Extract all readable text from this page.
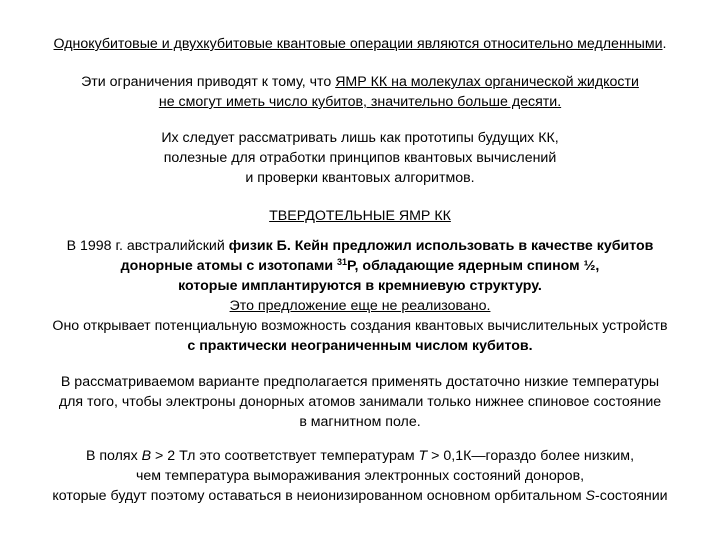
Однокубитовые и двухкубитовые квантовые операции являются относительно медленными.
Эти ограничения приводят к тому, что ЯМР КК на молекулах органической жидкости
не смогут иметь число кубитов, значительно больше десяти.
Их следует рассматривать лишь как прототипы будущих КК,
полезные для отработки принципов квантовых вычислений
и проверки квантовых алгоритмов.
ТВЕРДОТЕЛЬНЫЕ ЯМР КК
В 1998 г. австралийский физик Б. Кейн предложил использовать в качестве кубитов
донорные атомы с изотопами $^{31}$Р, обладающие ядерным спином ½,
которые имплантируются в кремниевую структуру.
Это предложение еще не реализовано.
Оно открывает потенциальную возможность создания квантовых вычислительных устройств
с практически неограниченным числом кубитов.
В рассматриваемом варианте предполагается применять достаточно низкие температуры
для того, чтобы электроны донорных атомов занимали только нижнее спиновое состояние
в магнитном поле.
В полях В > 2 Тл это соответствует температурам Т > 0,1К—гораздо более низким,
чем температура вымораживания электронных состояний доноров,
которые будут поэтому оставаться в неионизированном основном орбитальном S-состоянии
